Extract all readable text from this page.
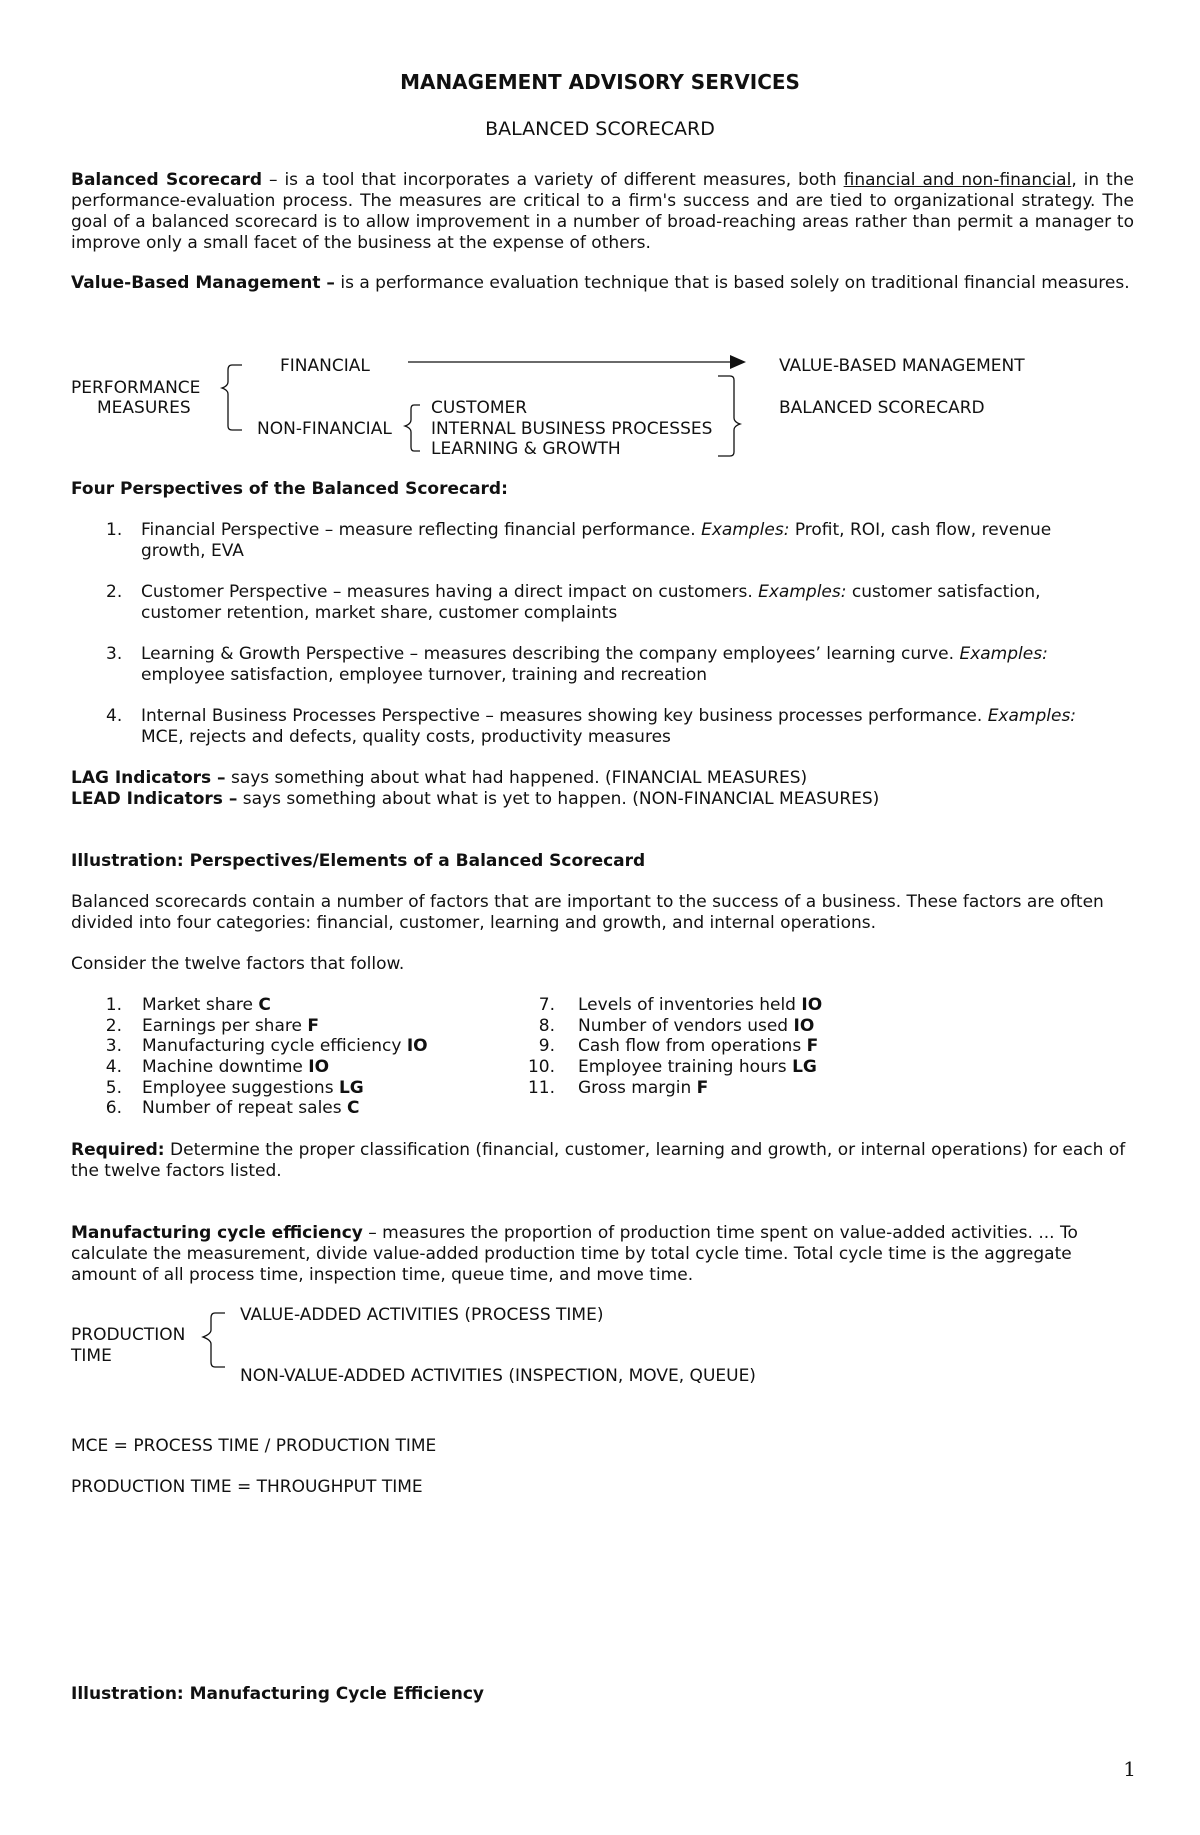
MANAGEMENT ADVISORY SERVICES
BALANCED SCORECARD
Balanced Scorecard – is a tool that incorporates a variety of different measures, both financial and non-financial, in the performance-evaluation process. The measures are critical to a firm's success and are tied to organizational strategy. The goal of a balanced scorecard is to allow improvement in a number of broad-reaching areas rather than permit a manager to improve only a small facet of the business at the expense of others.
Value-Based Management – is a performance evaluation technique that is based solely on traditional financial measures.
FINANCIAL
PERFORMANCE
MEASURES
NON-FINANCIAL
CUSTOMER
INTERNAL BUSINESS PROCESSES
LEARNING & GROWTH
VALUE-BASED MANAGEMENT
BALANCED SCORECARD
Four Perspectives of the Balanced Scorecard:
1. Financial Perspective – measure reflecting financial performance. Examples: Profit, ROI, cash flow, revenue
growth, EVA
2. Customer Perspective – measures having a direct impact on customers. Examples: customer satisfaction,
customer retention, market share, customer complaints
3. Learning & Growth Perspective – measures describing the company employees’ learning curve. Examples:
employee satisfaction, employee turnover, training and recreation
4. Internal Business Processes Perspective – measures showing key business processes performance. Examples:
MCE, rejects and defects, quality costs, productivity measures
LAG Indicators – says something about what had happened. (FINANCIAL MEASURES)
LEAD Indicators – says something about what is yet to happen. (NON-FINANCIAL MEASURES)
Illustration: Perspectives/Elements of a Balanced Scorecard
Balanced scorecards contain a number of factors that are important to the success of a business. These factors are often divided into four categories: financial, customer, learning and growth, and internal operations.
Consider the twelve factors that follow.
1. Market share C
2. Earnings per share F
3. Manufacturing cycle efficiency IO
4. Machine downtime IO
5. Employee suggestions LG
6. Number of repeat sales C
7. Levels of inventories held IO
8. Number of vendors used IO
9. Cash flow from operations F
10. Employee training hours LG
11. Gross margin F
Required: Determine the proper classification (financial, customer, learning and growth, or internal operations) for each of the twelve factors listed.
Manufacturing cycle efficiency – measures the proportion of production time spent on value-added activities. ... To calculate the measurement, divide value-added production time by total cycle time. Total cycle time is the aggregate amount of all process time, inspection time, queue time, and move time.
PRODUCTION
TIME
VALUE-ADDED ACTIVITIES (PROCESS TIME)
NON-VALUE-ADDED ACTIVITIES (INSPECTION, MOVE, QUEUE)
MCE = PROCESS TIME / PRODUCTION TIME
PRODUCTION TIME = THROUGHPUT TIME
Illustration: Manufacturing Cycle Efficiency
1
